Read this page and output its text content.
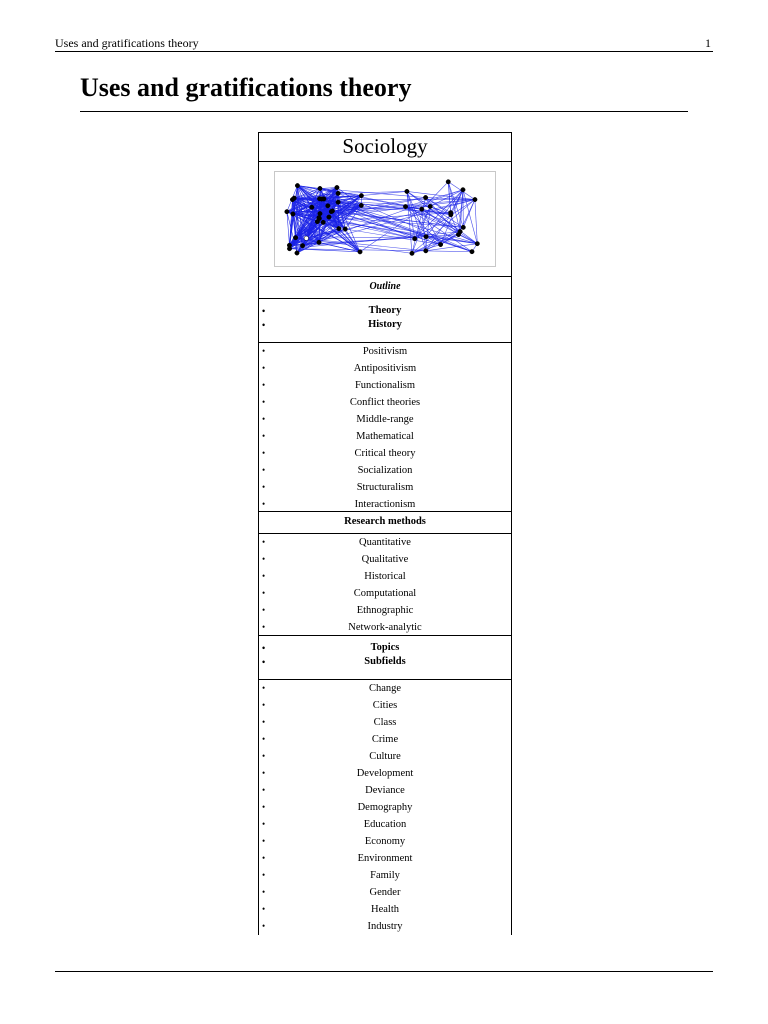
Uses and gratifications theory	1
Uses and gratifications theory
Sociology
Outline
• Theory
• History
• Positivism
• Antipositivism
• Functionalism
• Conflict theories
• Middle-range
• Mathematical
• Critical theory
• Socialization
• Structuralism
• Interactionism
Research methods
• Quantitative
• Qualitative
• Historical
• Computational
• Ethnographic
• Network-analytic
• Topics
• Subfields
• Change
• Cities
• Class
• Crime
• Culture
• Development
• Deviance
• Demography
• Education
• Economy
• Environment
• Family
• Gender
• Health
• Industry
